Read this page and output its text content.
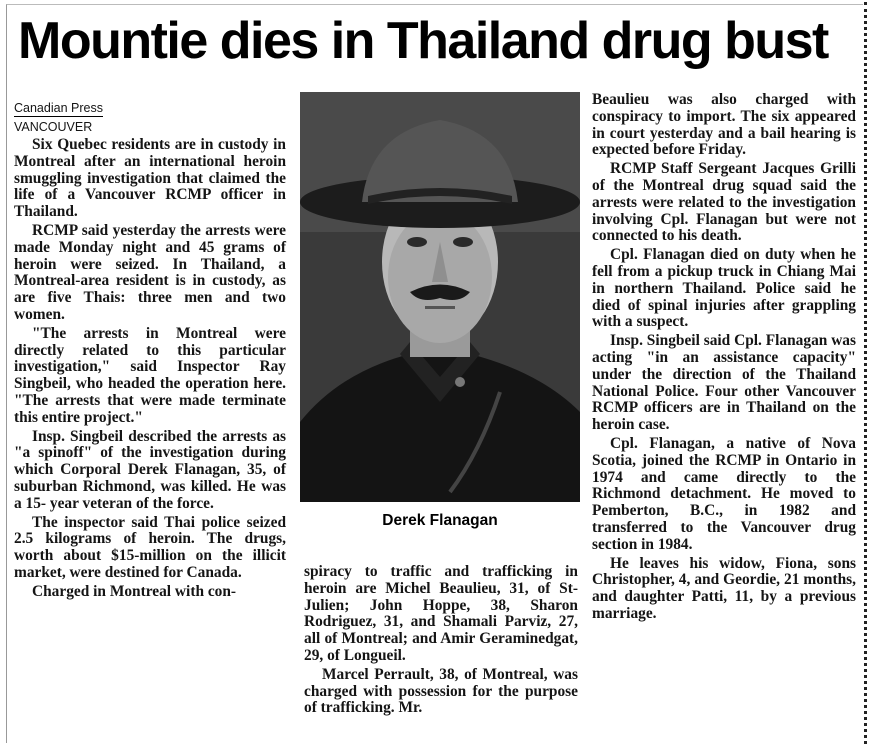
Mountie dies in Thailand drug bust
Canadian Press
VANCOUVER

Six Quebec residents are in custody in Montreal after an international heroin smuggling investigation that claimed the life of a Vancouver RCMP officer in Thailand.

RCMP said yesterday the arrests were made Monday night and 45 grams of heroin were seized. In Thailand, a Montreal-area resident is in custody, as are five Thais: three men and two women.

"The arrests in Montreal were directly related to this particular investigation," said Inspector Ray Singbeil, who headed the operation here. "The arrests that were made terminate this entire project."

Insp. Singbeil described the arrests as "a spinoff" of the investigation during which Corporal Derek Flanagan, 35, of suburban Richmond, was killed. He was a 15- year veteran of the force.

The inspector said Thai police seized 2.5 kilograms of heroin. The drugs, worth about $15-million on the illicit market, were destined for Canada.

Charged in Montreal with con-

Derek Flanagan

spiracy to traffic and trafficking in heroin are Michel Beaulieu, 31, of St-Julien; John Hoppe, 38, Sharon Rodriguez, 31, and Shamali Parviz, 27, all of Montreal; and Amir Geraminedgat, 29, of Longueil.

Marcel Perrault, 38, of Montreal, was charged with possession for the purpose of trafficking. Mr.

Beaulieu was also charged with conspiracy to import. The six appeared in court yesterday and a bail hearing is expected before Friday.

RCMP Staff Sergeant Jacques Grilli of the Montreal drug squad said the arrests were related to the investigation involving Cpl. Flanagan but were not connected to his death.

Cpl. Flanagan died on duty when he fell from a pickup truck in Chiang Mai in northern Thailand. Police said he died of spinal injuries after grappling with a suspect.

Insp. Singbeil said Cpl. Flanagan was acting "in an assistance capacity" under the direction of the Thailand National Police. Four other Vancouver RCMP officers are in Thailand on the heroin case.

Cpl. Flanagan, a native of Nova Scotia, joined the RCMP in Ontario in 1974 and came directly to the Richmond detachment. He moved to Pemberton, B.C., in 1982 and transferred to the Vancouver drug section in 1984.

He leaves his widow, Fiona, sons Christopher, 4, and Geordie, 21 months, and daughter Patti, 11, by a previous marriage.
